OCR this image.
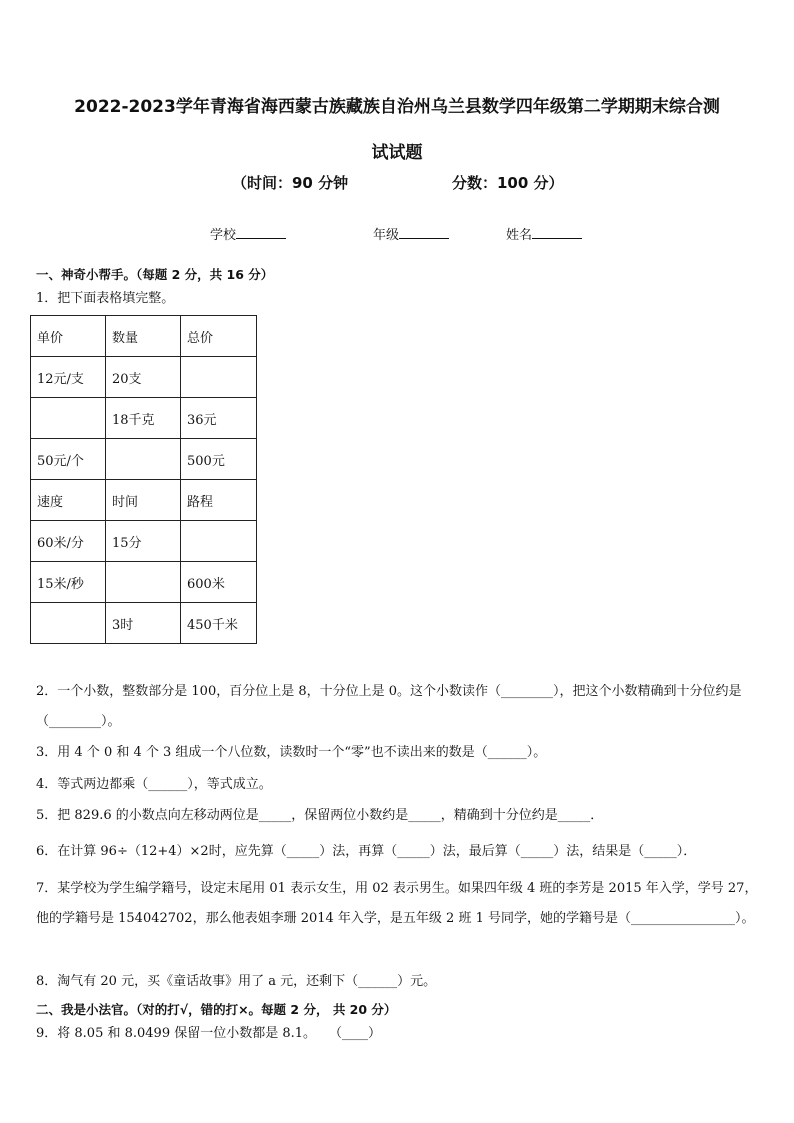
2022-2023学年青海省海西蒙古族藏族自治州乌兰县数学四年级第二学期期末综合测
试试题
（时间：90 分钟	分数：100 分）
学校	年级	姓名
一、神奇小帮手。（每题 2 分，共 16 分）
1．把下面表格填完整。
单价	数量	总价
12元/支	20支	
	18千克	36元
50元/个		500元
速度	时间	路程
60米/分	15分	
15米/秒		600米
	3时	450千米
2．一个小数，整数部分是 100，百分位上是 8，十分位上是 0。这个小数读作（________），把这个小数精确到十分位约是（________）。
3．用 4 个 0 和 4 个 3 组成一个八位数，读数时一个“零”也不读出来的数是（______）。
4．等式两边都乘（______），等式成立。
5．把 829.6 的小数点向左移动两位是_____，保留两位小数约是_____，精确到十分位约是_____．
6．在计算 96÷（12+4）×2时，应先算（_____）法，再算（_____）法，最后算（_____）法，结果是（_____）．
7．某学校为学生编学籍号，设定末尾用 01 表示女生，用 02 表示男生。如果四年级 4 班的李芳是 2015 年入学，学号 27，他的学籍号是 154042702，那么他表姐李珊 2014 年入学，是五年级 2 班 1 号同学，她的学籍号是（________________）。
8．淘气有 20 元，买《童话故事》用了 a 元，还剩下（______）元。
二、我是小法官。（对的打√，错的打×。每题 2 分， 共 20 分）
9．将 8.05 和 8.0499 保留一位小数都是 8.1。　　（____）
